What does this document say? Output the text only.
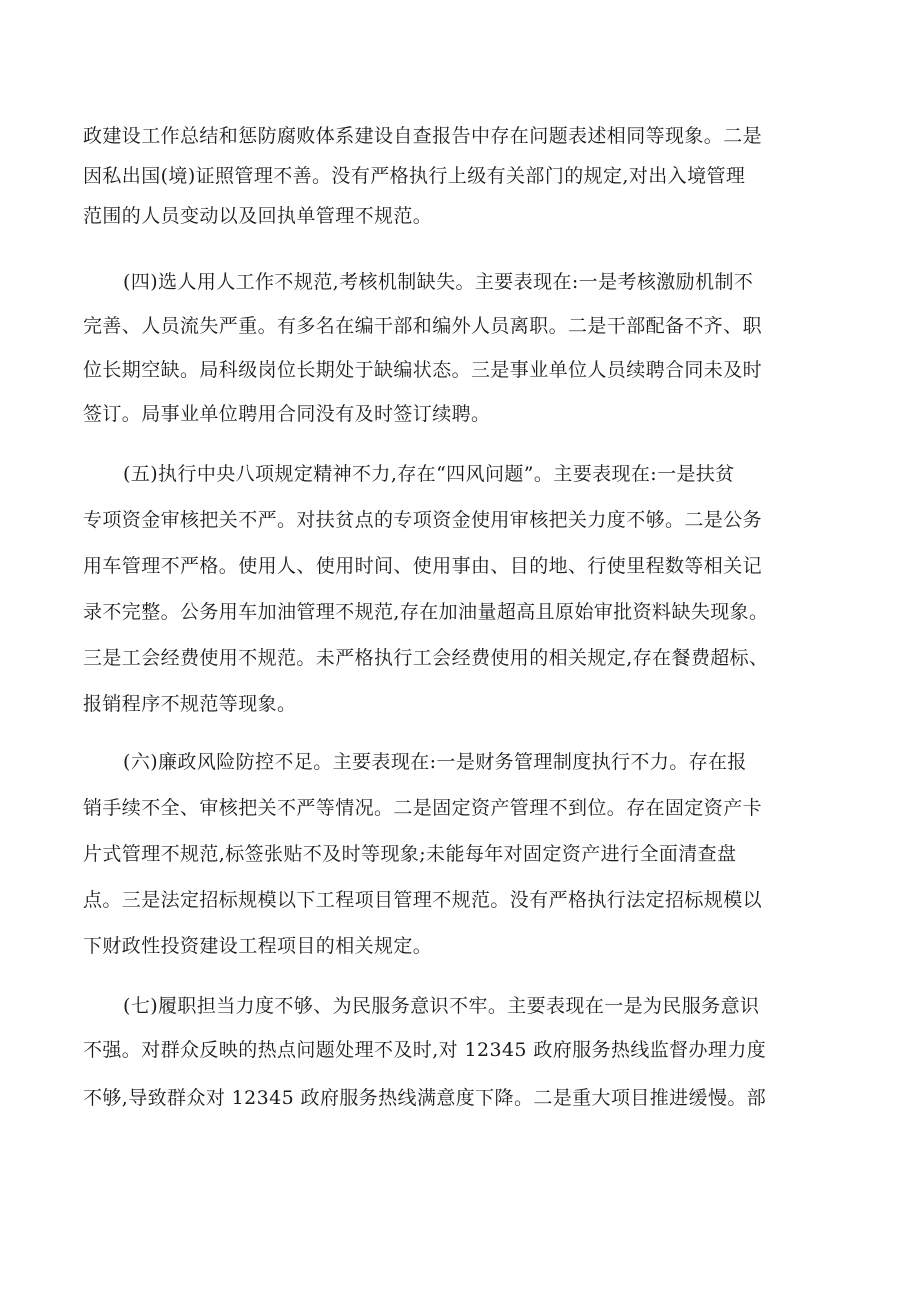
政建设工作总结和惩防腐败体系建设自查报告中存在问题表述相同等现象。二是
因私出国(境)证照管理不善。没有严格执行上级有关部门的规定,对出入境管理
范围的人员变动以及回执单管理不规范。
(四)选人用人工作不规范,考核机制缺失。主要表现在:一是考核激励机制不
完善、人员流失严重。有多名在编干部和编外人员离职。二是干部配备不齐、职
位长期空缺。局科级岗位长期处于缺编状态。三是事业单位人员续聘合同未及时
签订。局事业单位聘用合同没有及时签订续聘。
(五)执行中央八项规定精神不力,存在“四风问题”。主要表现在:一是扶贫
专项资金审核把关不严。对扶贫点的专项资金使用审核把关力度不够。二是公务
用车管理不严格。使用人、使用时间、使用事由、目的地、行使里程数等相关记
录不完整。公务用车加油管理不规范,存在加油量超高且原始审批资料缺失现象。
三是工会经费使用不规范。未严格执行工会经费使用的相关规定,存在餐费超标、
报销程序不规范等现象。
(六)廉政风险防控不足。主要表现在:一是财务管理制度执行不力。存在报
销手续不全、审核把关不严等情况。二是固定资产管理不到位。存在固定资产卡
片式管理不规范,标签张贴不及时等现象;未能每年对固定资产进行全面清查盘
点。三是法定招标规模以下工程项目管理不规范。没有严格执行法定招标规模以
下财政性投资建设工程项目的相关规定。
(七)履职担当力度不够、为民服务意识不牢。主要表现在一是为民服务意识
不强。对群众反映的热点问题处理不及时,对 12345 政府服务热线监督办理力度
不够,导致群众对 12345 政府服务热线满意度下降。二是重大项目推进缓慢。部
